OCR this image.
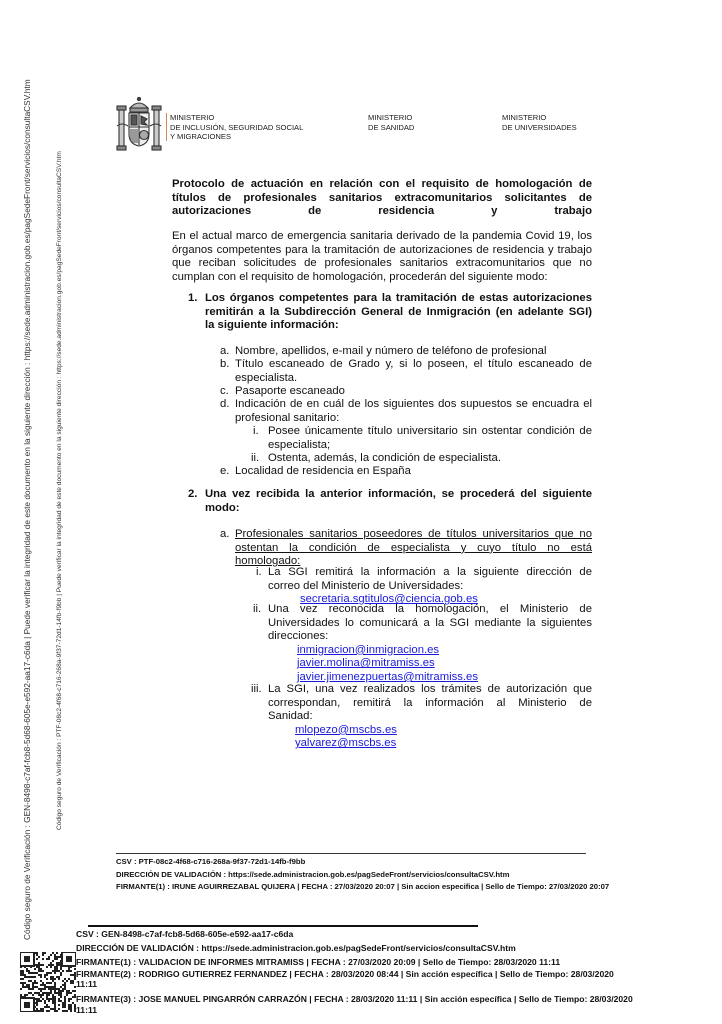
Código seguro de Verificación : GEN-8498-c7af-fcb8-5d68-605e-e592-aa17-c6da | Puede verificar la integridad de este documento en la siguiente dirección : https://sede.administracion.gob.es/pagSedeFront/servicios/consultaCSV.htm	Código seguro de Verificación : PTF-08c2-4f68-c716-268a-9f37-72d1-14fb-f9bb | Puede verificar la integridad de este documento en la siguiente dirección : https://sede.administracion.gob.es/pagSedeFront/servicios/consultaCSV.htm
MINISTERIO
DE INCLUSIÓN, SEGURIDAD SOCIAL
Y MIGRACIONES
MINISTERIO
DE SANIDAD
MINISTERIO
DE UNIVERSIDADES
Protocolo de actuación en relación con el requisito de homologación de
títulos de profesionales sanitarios extracomunitarios solicitantes de
autorizaciones de residencia y trabajo
En el actual marco de emergencia sanitaria derivado de la pandemia Covid 19, los
órganos competentes para la tramitación de autorizaciones de residencia y trabajo
que reciban solicitudes de profesionales sanitarios extracomunitarios que no
cumplan con el requisito de homologación, procederán del siguiente modo:
1. Los órganos competentes para la tramitación de estas autorizaciones
remitirán a la Subdirección General de Inmigración (en adelante SGI)
la siguiente información:
a. Nombre, apellidos, e-mail y número de teléfono de profesional
b. Título escaneado de Grado y, si lo poseen, el título escaneado de
especialista.
c. Pasaporte escaneado
d. Indicación de en cuál de los siguientes dos supuestos se encuadra el
profesional sanitario:
i. Posee únicamente título universitario sin ostentar condición de
especialista;
ii. Ostenta, además, la condición de especialista.
e. Localidad de residencia en España
2. Una vez recibida la anterior información, se procederá del siguiente
modo:
a. Profesionales sanitarios poseedores de títulos universitarios que no
ostentan la condición de especialista y cuyo título no está
homologado:
i. La SGI remitirá la información a la siguiente dirección de
correo del Ministerio de Universidades:
secretaria.sgtitulos@ciencia.gob.es
ii. Una vez reconocida la homologación, el Ministerio de
Universidades lo comunicará a la SGI mediante la siguientes
direcciones:
inmigracion@inmigracion.es
javier.molina@mitramiss.es
javier.jimenezpuertas@mitramiss.es
iii. La SGI, una vez realizados los trámites de autorización que
correspondan, remitirá la información al Ministerio de
Sanidad:
mlopezo@mscbs.es
yalvarez@mscbs.es
CSV : PTF-08c2-4f68-c716-268a-9f37-72d1-14fb-f9bb
DIRECCIÓN DE VALIDACIÓN : https://sede.administracion.gob.es/pagSedeFront/servicios/consultaCSV.htm
FIRMANTE(1) : IRUNE AGUIRREZABAL QUIJERA | FECHA : 27/03/2020 20:07 | Sin accion especifica | Sello de Tiempo: 27/03/2020 20:07
CSV : GEN-8498-c7af-fcb8-5d68-605e-e592-aa17-c6da
DIRECCIÓN DE VALIDACIÓN : https://sede.administracion.gob.es/pagSedeFront/servicios/consultaCSV.htm
FIRMANTE(1) : VALIDACION DE INFORMES MITRAMISS | FECHA : 27/03/2020 20:09 | Sello de Tiempo: 28/03/2020 11:11
FIRMANTE(2) : RODRIGO GUTIERREZ FERNANDEZ | FECHA : 28/03/2020 08:44 | Sin acción específica | Sello de Tiempo: 28/03/2020
11:11
FIRMANTE(3) : JOSE MANUEL PINGARRÓN CARRAZÓN | FECHA : 28/03/2020 11:11 | Sin acción específica | Sello de Tiempo: 28/03/2020
11:11
